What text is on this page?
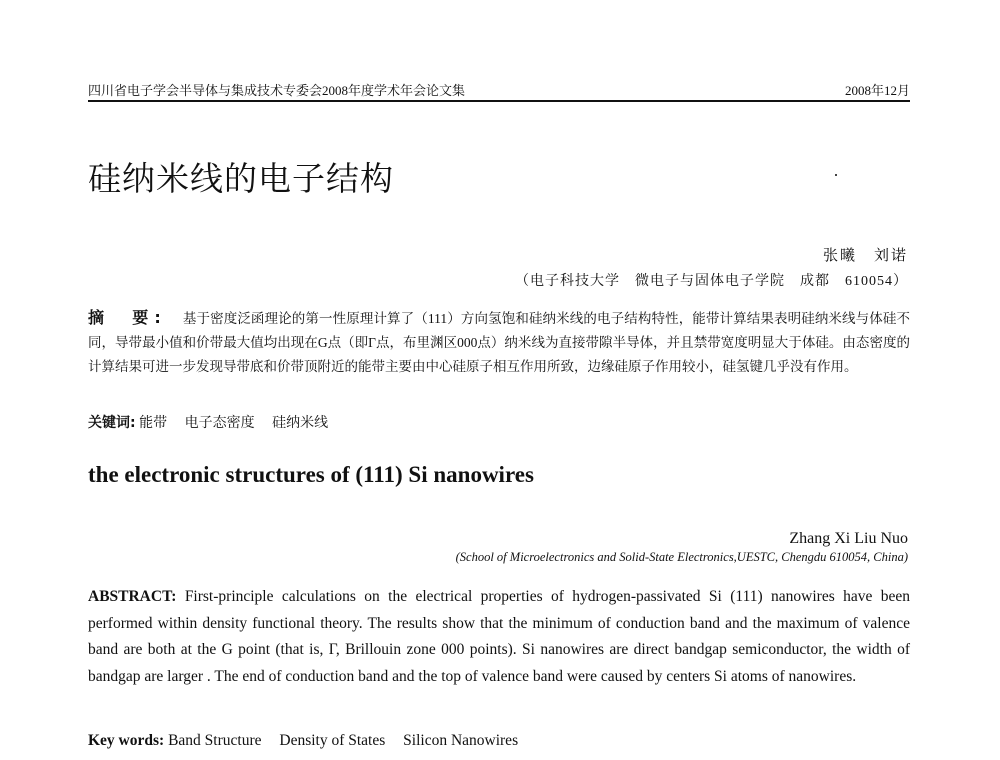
四川省电子学会半导体与集成技术专委会2008年度学术年会论文集	2008年12月
硅纳米线的电子结构
张曦　刘诺
（电子科技大学　微电子与固体电子学院　成都　610054）

摘　要: 基于密度泛函理论的第一性原理计算了（111）方向氢饱和硅纳米线的电子结构特性，能带计算结果表明硅纳米线与体硅不同，导带最小值和价带最大值均出现在G点（即Γ点，布里渊区000点）纳米线为直接带隙半导体，并且禁带宽度明显大于体硅。由态密度的计算结果可进一步发现导带底和价带顶附近的能带主要由中心硅原子相互作用所致，边缘硅原子作用较小，硅氢键几乎没有作用。

关键词: 能带　 电子态密度　 硅纳米线
the electronic structures of (111) Si nanowires
Zhang Xi Liu Nuo
(School of Microelectronics and Solid-State Electronics,UESTC, Chengdu 610054, China)

ABSTRACT: First-principle calculations on the electrical properties of hydrogen-passivated Si (111) nanowires have been performed within density functional theory. The results show that the minimum of conduction band and the maximum of valence band are both at the G point (that is, Γ, Brillouin zone 000 points). Si nanowires are direct bandgap semiconductor, the width of bandgap are larger . The end of conduction band and the top of valence band were caused by centers Si atoms of nanowires.

Key words: Band Structure Density of States Silicon Nanowires
